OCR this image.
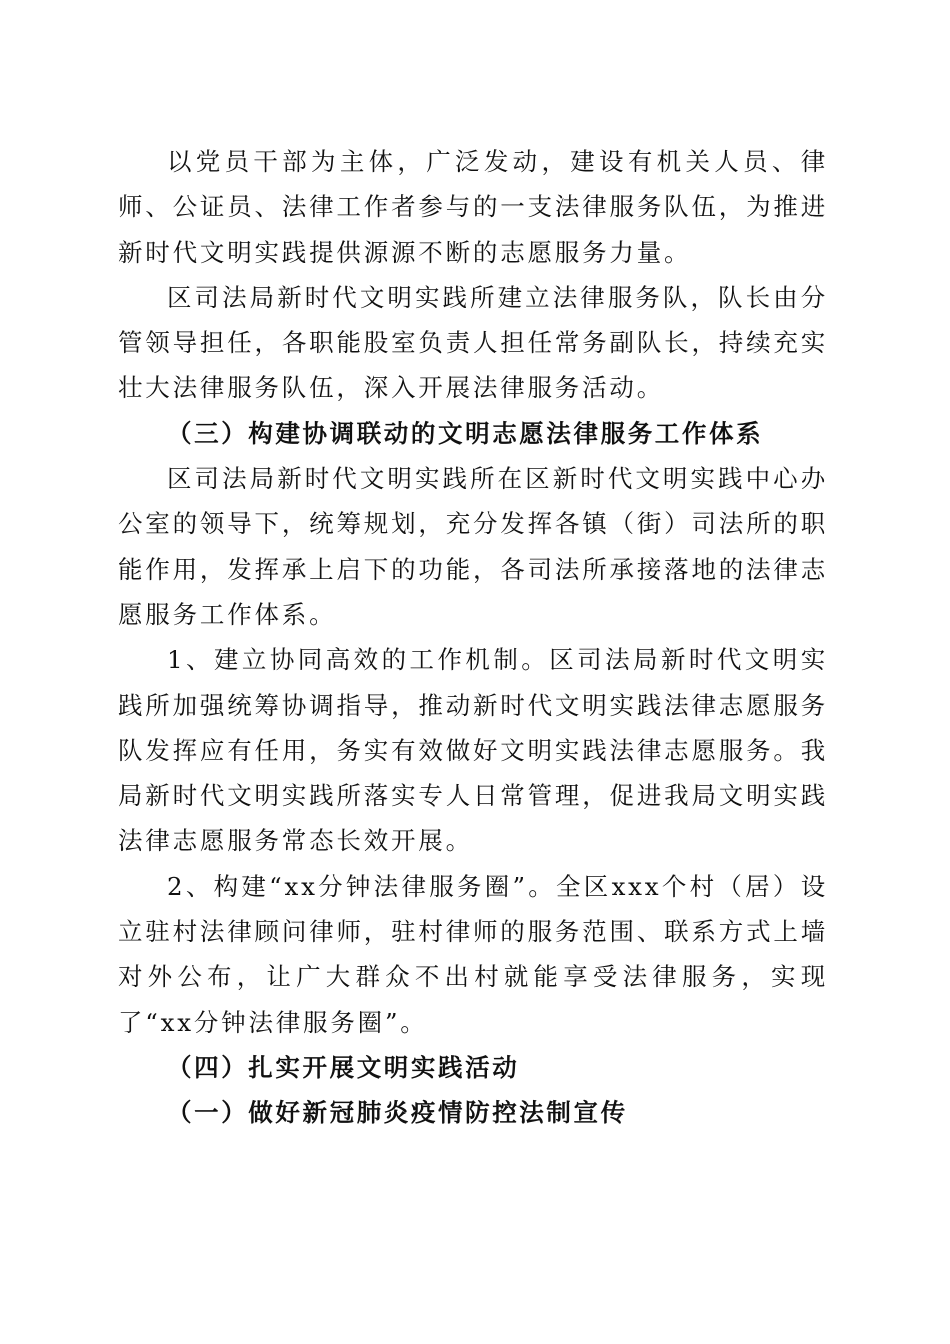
以党员干部为主体，广泛发动，建设有机关人员、律师、公证员、法律工作者参与的一支法律服务队伍，为推进新时代文明实践提供源源不断的志愿服务力量。

区司法局新时代文明实践所建立法律服务队，队长由分管领导担任，各职能股室负责人担任常务副队长，持续充实壮大法律服务队伍，深入开展法律服务活动。

（三）构建协调联动的文明志愿法律服务工作体系

区司法局新时代文明实践所在区新时代文明实践中心办公室的领导下，统筹规划，充分发挥各镇（街）司法所的职能作用，发挥承上启下的功能，各司法所承接落地的法律志愿服务工作体系。

1、建立协同高效的工作机制。区司法局新时代文明实践所加强统筹协调指导，推动新时代文明实践法律志愿服务队发挥应有任用，务实有效做好文明实践法律志愿服务。我局新时代文明实践所落实专人日常管理，促进我局文明实践法律志愿服务常态长效开展。

2、构建“xx分钟法律服务圈”。全区xxx个村（居）设立驻村法律顾问律师，驻村律师的服务范围、联系方式上墙对外公布，让广大群众不出村就能享受法律服务，实现了“xx分钟法律服务圈”。

（四）扎实开展文明实践活动

（一）做好新冠肺炎疫情防控法制宣传
